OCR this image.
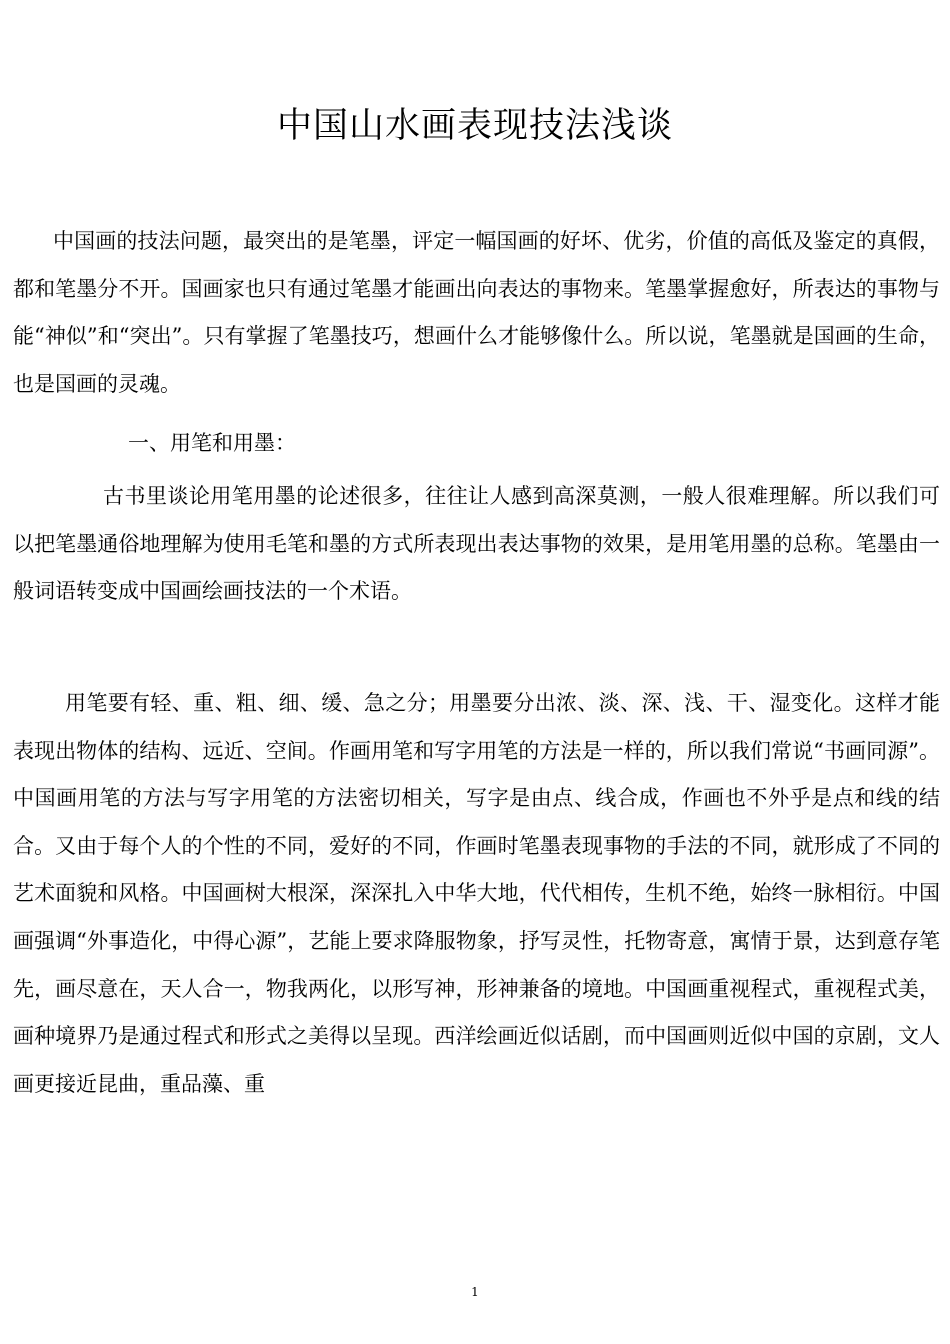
中国山水画表现技法浅谈

中国画的技法问题，最突出的是笔墨，评定一幅国画的好坏、优劣，价值的高低及鉴定的真假，都和笔墨分不开。国画家也只有通过笔墨才能画出向表达的事物来。笔墨掌握愈好，所表达的事物与能“神似”和“突出”。只有掌握了笔墨技巧，想画什么才能够像什么。所以说，笔墨就是国画的生命，也是国画的灵魂。

一、用笔和用墨：

古书里谈论用笔用墨的论述很多，往往让人感到高深莫测，一般人很难理解。所以我们可以把笔墨通俗地理解为使用毛笔和墨的方式所表现出表达事物的效果，是用笔用墨的总称。笔墨由一般词语转变成中国画绘画技法的一个术语。

用笔要有轻、重、粗、细、缓、急之分；用墨要分出浓、淡、深、浅、干、湿变化。这样才能表现出物体的结构、远近、空间。作画用笔和写字用笔的方法是一样的，所以我们常说“书画同源”。中国画用笔的方法与写字用笔的方法密切相关，写字是由点、线合成，作画也不外乎是点和线的结合。又由于每个人的个性的不同，爱好的不同，作画时笔墨表现事物的手法的不同，就形成了不同的艺术面貌和风格。中国画树大根深，深深扎入中华大地，代代相传，生机不绝，始终一脉相衍。中国画强调“外事造化，中得心源”，艺能上要求降服物象，抒写灵性，托物寄意，寓情于景，达到意存笔先，画尽意在，天人合一，物我两化，以形写神，形神兼备的境地。中国画重视程式，重视程式美，画种境界乃是通过程式和形式之美得以呈现。西洋绘画近似话剧，而中国画则近似中国的京剧，文人画更接近昆曲，重品藻、重

1
